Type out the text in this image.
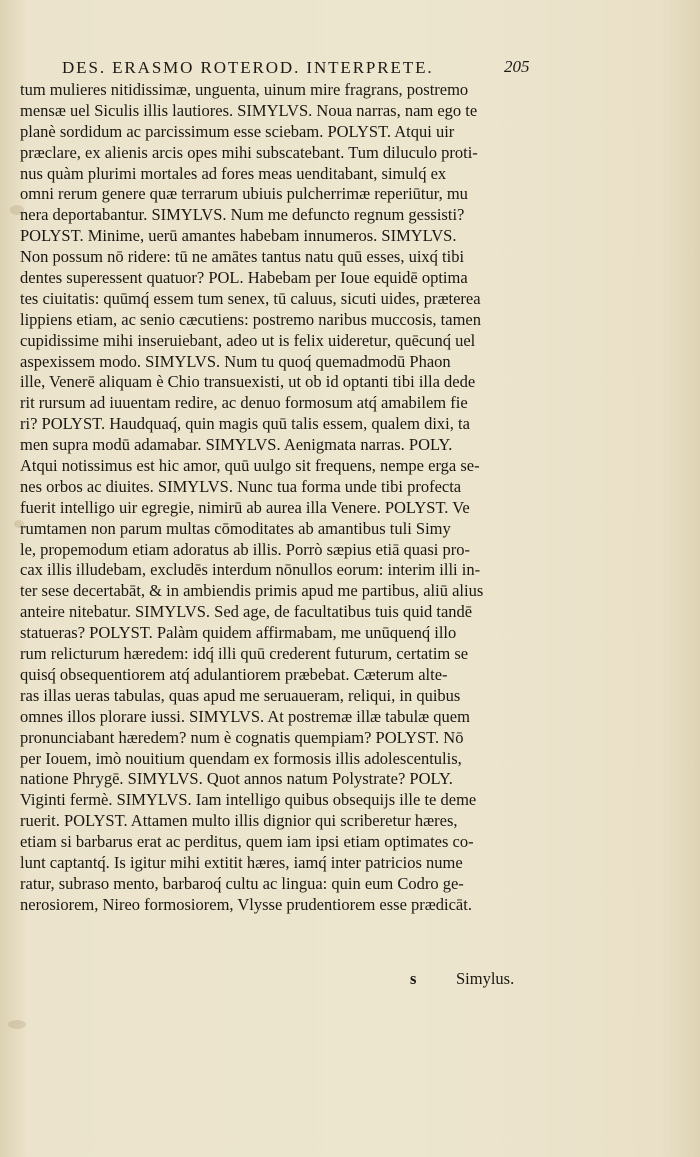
DES. ERASMO ROTEROD. INTERPRETE.	205
tum mulieres nitidissimæ, unguenta, uinum mire fragrans, postremo
mensæ uel Siculis illis lautiores. SIMYLVS. Noua narras, nam ego te
planè sordidum ac parcissimum esse sciebam. POLYST. Atqui uir
præclare, ex alienis arcis opes mihi subscatebant. Tum diluculo proti-
nus quàm plurimi mortales ad fores meas uenditabant, simulq́ ex
omni rerum genere quæ terrarum ubiuis pulcherrimæ reperiūtur, mu
nera deportabantur. SIMYLVS. Num me defuncto regnum gessisti?
POLYST. Minime, uerū amantes habebam innumeros. SIMYLVS.
Non possum nō ridere: tū ne amātes tantus natu quū esses, uixq́ tibi
dentes superessent quatuor? POL. Habebam per Ioue equidē optima
tes ciuitatis: quūmq́ essem tum senex, tū caluus, sicuti uides, præterea
lippiens etiam, ac senio cæcutiens: postremo naribus muccosis, tamen
cupidissime mihi inseruiebant, adeo ut is felix uideretur, quēcunq́ uel
aspexissem modo. SIMYLVS. Num tu quoq́ quemadmodū Phaon
ille, Venerē aliquam è Chio transuexisti, ut ob id optanti tibi illa dede
rit rursum ad iuuentam redire, ac denuo formosum atq́ amabilem fie
ri? POLYST. Haudquaq́, quin magis quū talis essem, qualem dixi, ta
men supra modū adamabar. SIMYLVS. Aenigmata narras. POLY.
Atqui notissimus est hic amor, quū uulgo sit frequens, nempe erga se-
nes orbos ac diuites. SIMYLVS. Nunc tua forma unde tibi profecta
fuerit intelligo uir egregie, nimirū ab aurea illa Venere. POLYST. Ve
rumtamen non parum multas cōmoditates ab amantibus tuli Simy
le, propemodum etiam adoratus ab illis. Porrò sæpius etiā quasi pro-
cax illis illudebam, excludēs interdum nōnullos eorum: interim illi in-
ter sese decertabāt, & in ambiendis primis apud me partibus, aliū alius
anteire nitebatur. SIMYLVS. Sed age, de facultatibus tuis quid tandē
statueras? POLYST. Palàm quidem affirmabam, me unūquenq́ illo
rum relicturum hæredem: idq́ illi quū crederent futurum, certatim se
quisq́ obsequentiorem atq́ adulantiorem præbebat. Cæterum alte-
ras illas ueras tabulas, quas apud me seruaueram, reliqui, in quibus
omnes illos plorare iussi. SIMYLVS. At postremæ illæ tabulæ quem
pronunciabant hæredem? num è cognatis quempiam? POLYST. Nō
per Iouem, imò nouitium quendam ex formosis illis adolescentulis,
natione Phrygē. SIMYLVS. Quot annos natum Polystrate? POLY.
Viginti fermè. SIMYLVS. Iam intelligo quibus obsequijs ille te deme
ruerit. POLYST. Attamen multo illis dignior qui scriberetur hæres,
etiam si barbarus erat ac perditus, quem iam ipsi etiam optimates co-
lunt captantq́. Is igitur mihi extitit hæres, iamq́ inter patricios nume
ratur, subraso mento, barbaroq́ cultu ac lingua: quin eum Codro ge-
nerosiorem, Nireo formosiorem, Vlysse prudentiorem esse prædicāt.
s Simylus.
